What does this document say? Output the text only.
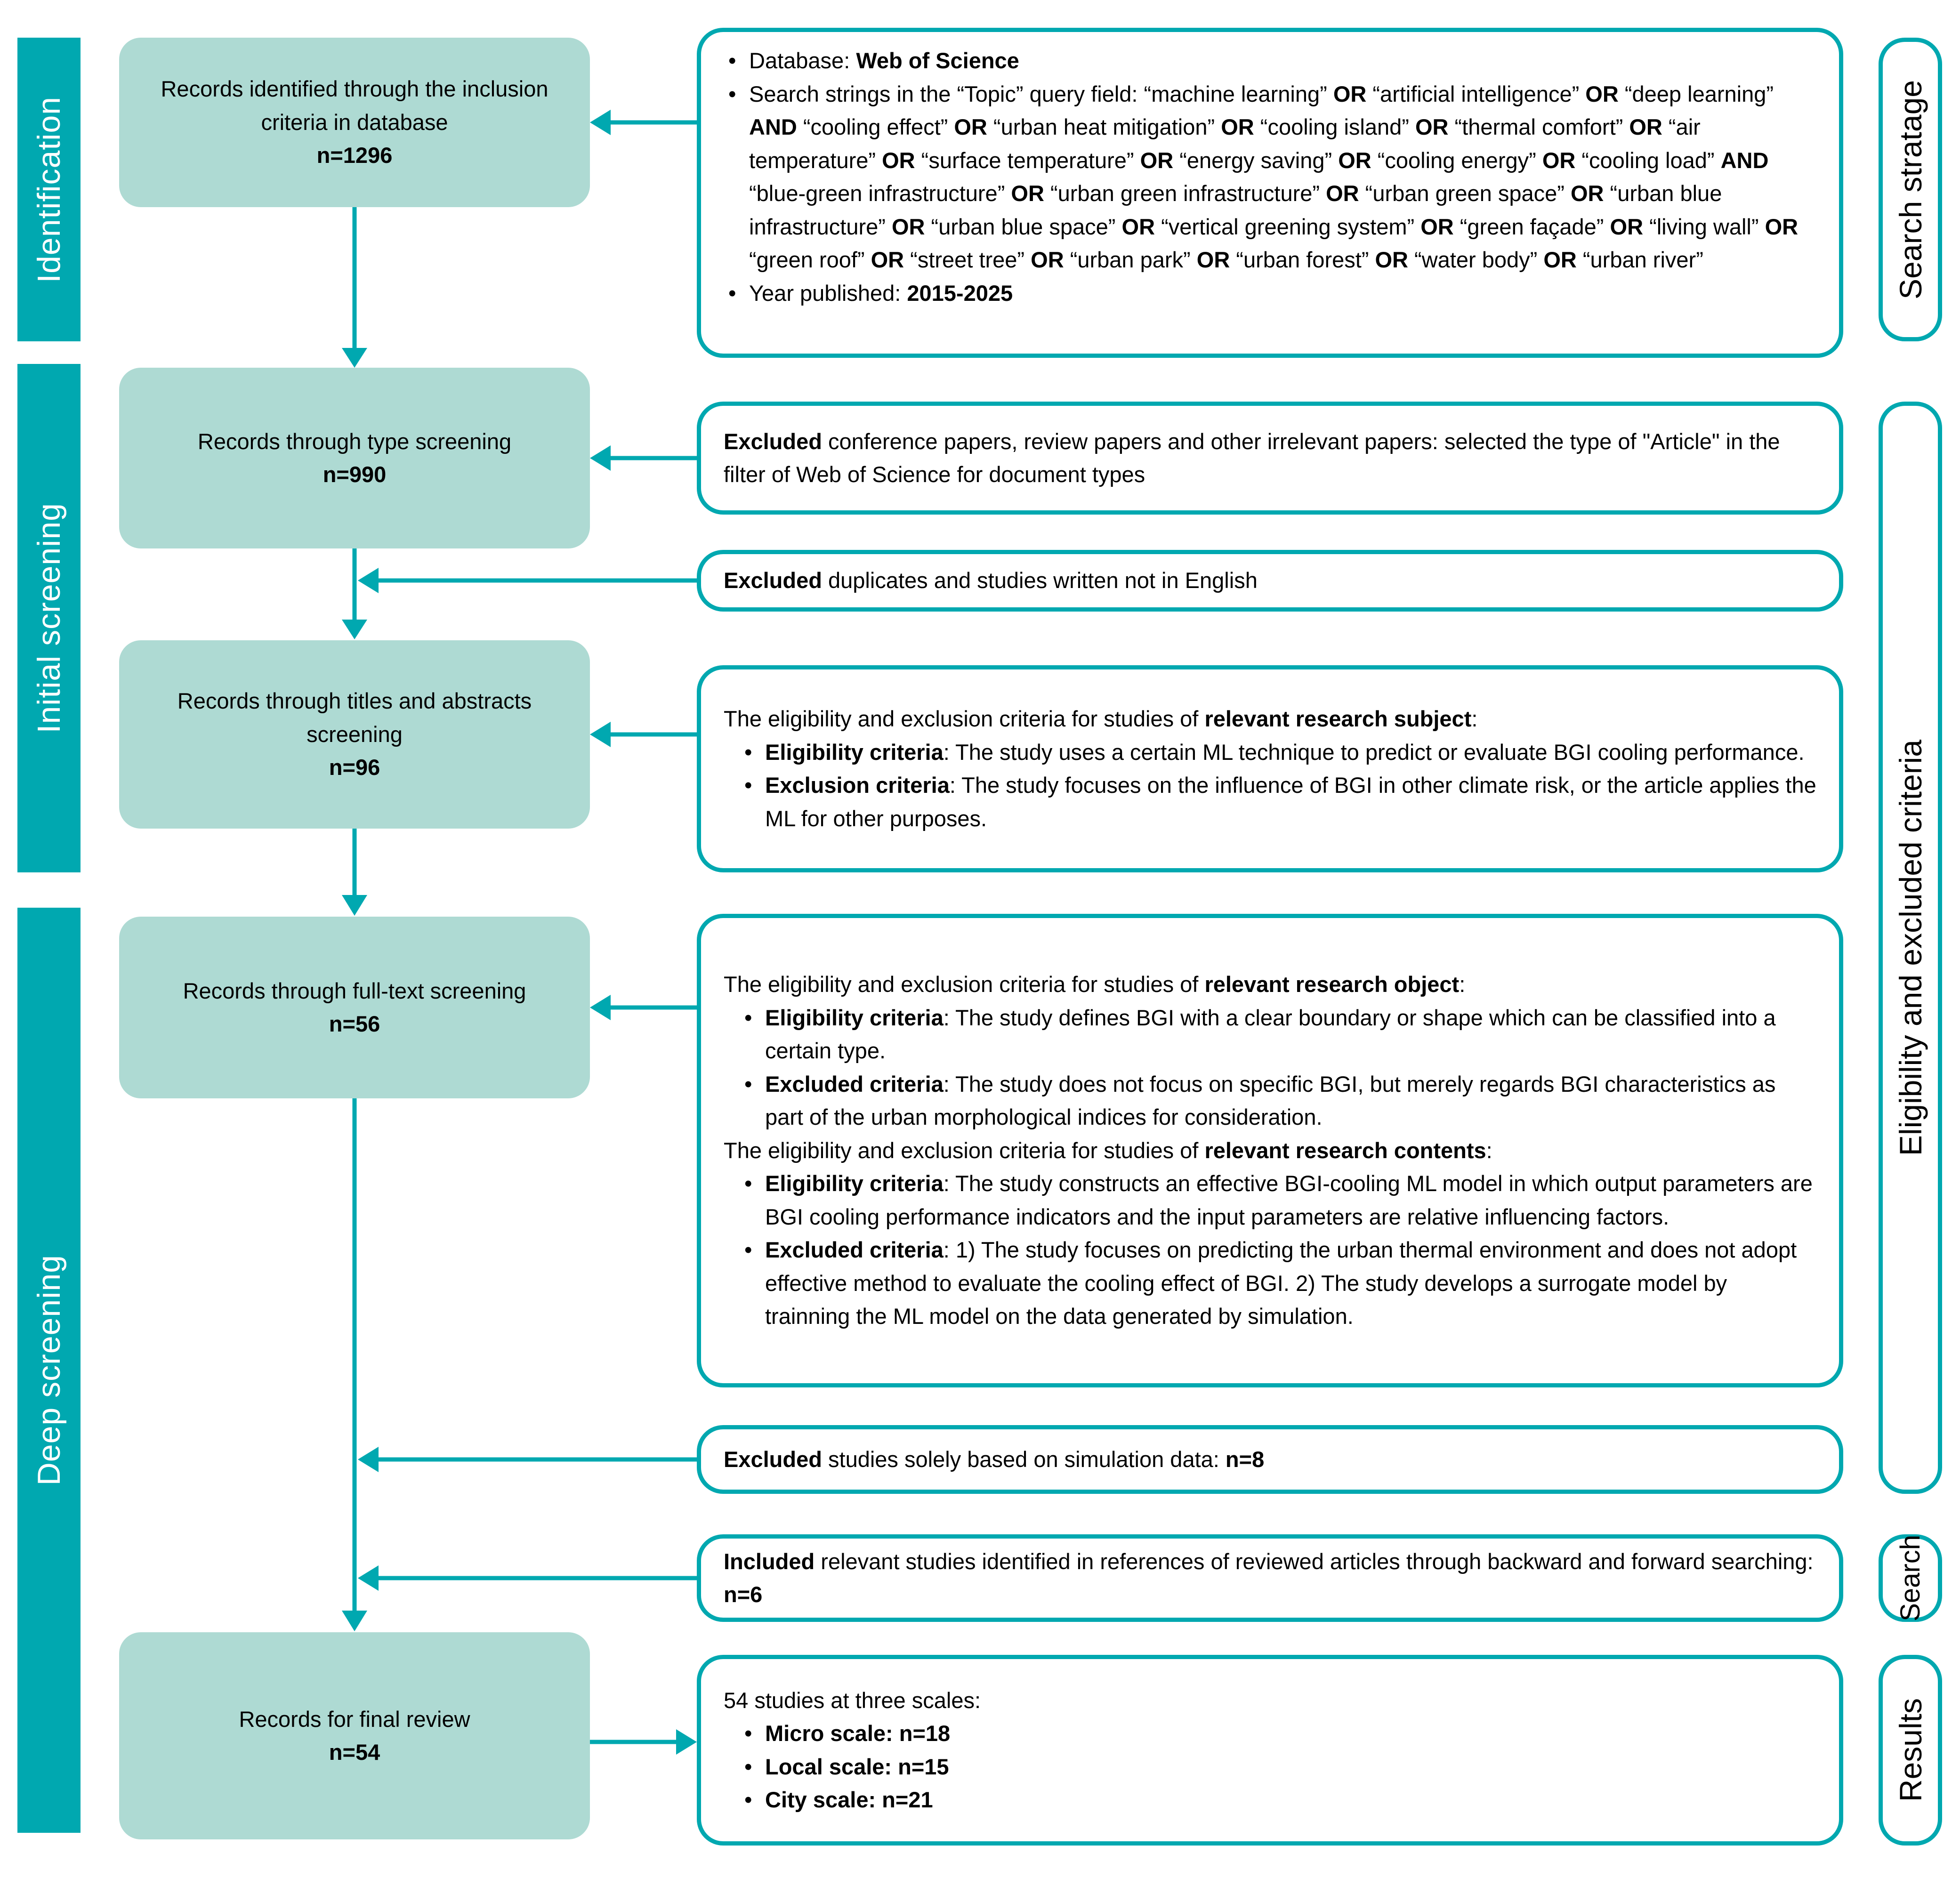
Identification
Initial screening
Deep screening
Records identified through the inclusion criteria in database
n=1296
Records through type screening
n=990
Records through titles and abstracts screening
n=96
Records through full-text screening
n=56
Records for final review
n=54
• Database: Web of Science
• Search strings in the “Topic” query field: “machine learning” OR “artificial intelligence” OR “deep learning” AND “cooling effect” OR “urban heat mitigation” OR “cooling island” OR “thermal comfort” OR “air temperature” OR “surface temperature” OR “energy saving” OR “cooling energy” OR “cooling load” AND “blue-green infrastructure” OR “urban green infrastructure” OR “urban green space” OR “urban blue infrastructure” OR “urban blue space” OR “vertical greening system” OR “green façade” OR “living wall” OR “green roof” OR “street tree” OR “urban park” OR “urban forest” OR “water body” OR “urban river”
• Year published: 2015-2025
Excluded conference papers, review papers and other irrelevant papers: selected the type of "Article" in the filter of Web of Science for document types
Excluded duplicates and studies written not in English
The eligibility and exclusion criteria for studies of relevant research subject:
• Eligibility criteria: The study uses a certain ML technique to predict or evaluate BGI cooling performance.
• Exclusion criteria: The study focuses on the influence of BGI in other climate risk, or the article applies the ML for other purposes.
The eligibility and exclusion criteria for studies of relevant research object:
• Eligibility criteria: The study defines BGI with a clear boundary or shape which can be classified into a certain type.
• Excluded criteria: The study does not focus on specific BGI, but merely regards BGI characteristics as part of the urban morphological indices for consideration.
The eligibility and exclusion criteria for studies of relevant research contents:
• Eligibility criteria: The study constructs an effective BGI-cooling ML model in which output parameters are BGI cooling performance indicators and the input parameters are relative influencing factors.
• Excluded criteria: 1) The study focuses on predicting the urban thermal environment and does not adopt effective method to evaluate the cooling effect of BGI. 2) The study develops a surrogate model by trainning the ML model on the data generated by simulation.
Excluded studies solely based on simulation data: n=8
Included relevant studies identified in references of reviewed articles through backward and forward searching: n=6
54 studies at three scales:
• Micro scale: n=18
• Local scale: n=15
• City scale: n=21
Search stratage
Eligibility and excluded criteria
Search
Results
